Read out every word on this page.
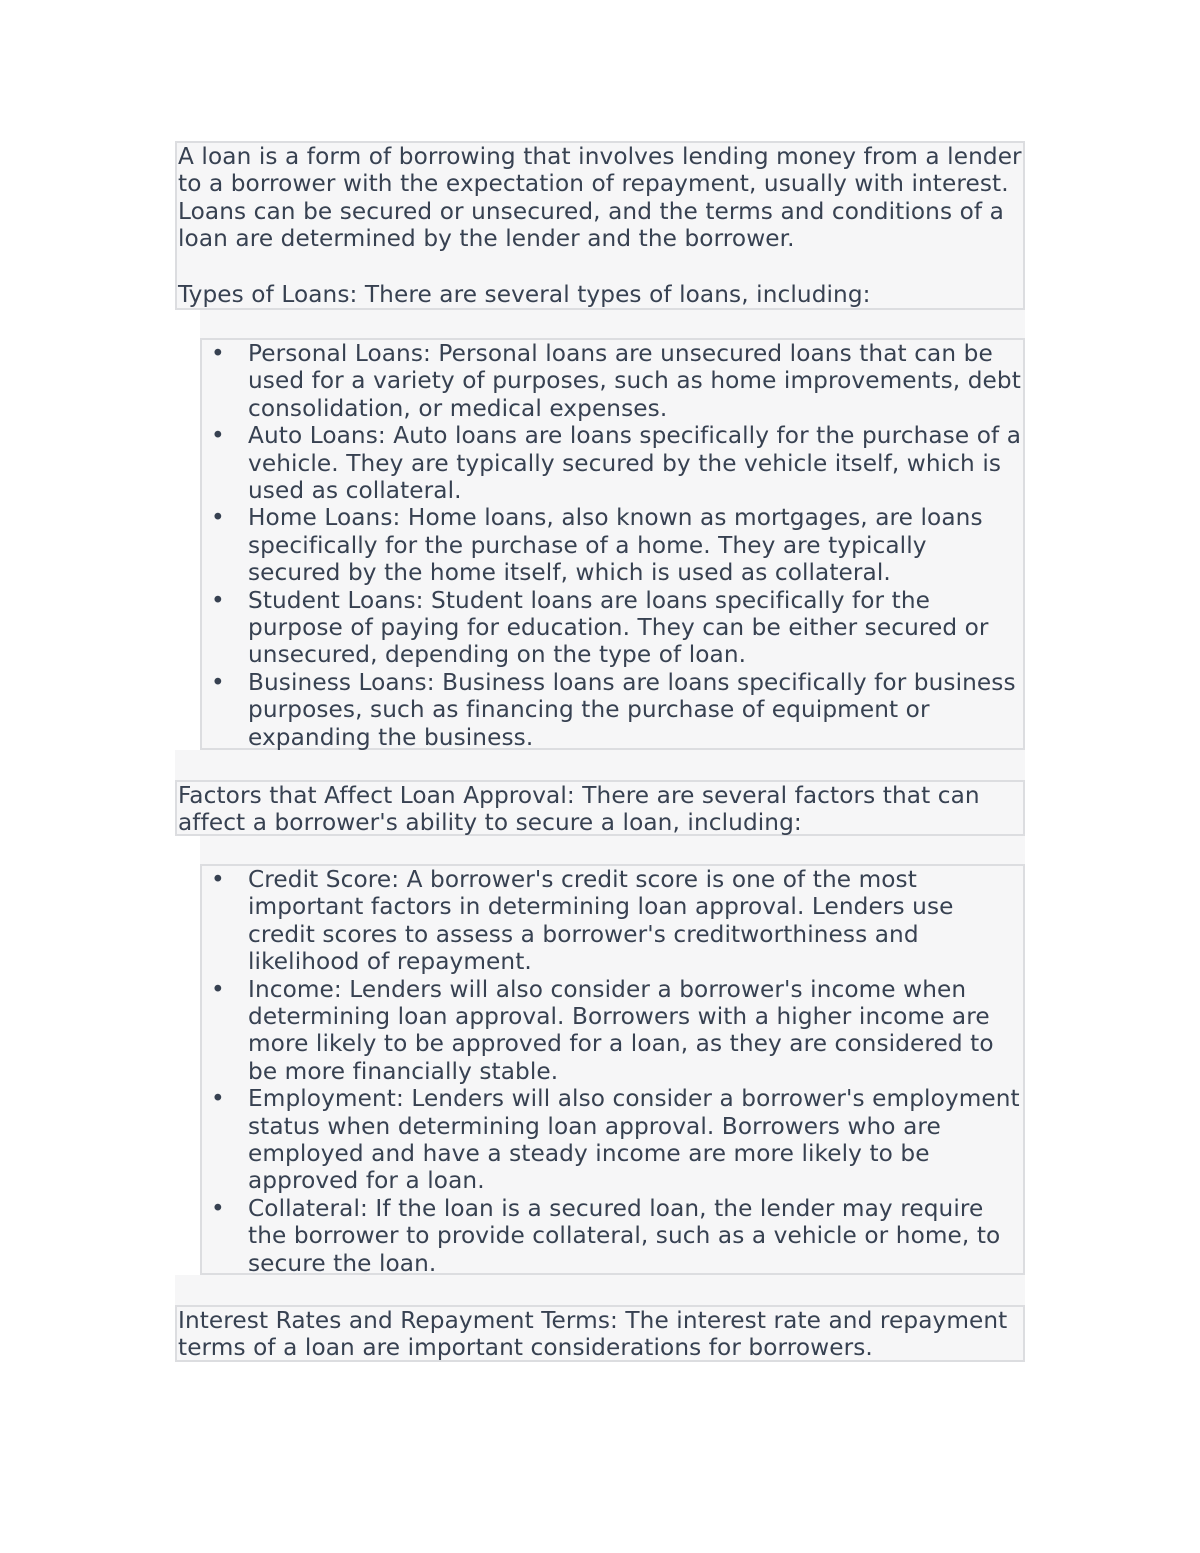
A loan is a form of borrowing that involves lending money from a lender to a borrower with the expectation of repayment, usually with interest. Loans can be secured or unsecured, and the terms and conditions of a loan are determined by the lender and the borrower.

Types of Loans: There are several types of loans, including:

• Personal Loans: Personal loans are unsecured loans that can be used for a variety of purposes, such as home improvements, debt consolidation, or medical expenses.
• Auto Loans: Auto loans are loans specifically for the purchase of a vehicle. They are typically secured by the vehicle itself, which is used as collateral.
• Home Loans: Home loans, also known as mortgages, are loans specifically for the purchase of a home. They are typically secured by the home itself, which is used as collateral.
• Student Loans: Student loans are loans specifically for the purpose of paying for education. They can be either secured or unsecured, depending on the type of loan.
• Business Loans: Business loans are loans specifically for business purposes, such as financing the purchase of equipment or expanding the business.

Factors that Affect Loan Approval: There are several factors that can affect a borrower's ability to secure a loan, including:

• Credit Score: A borrower's credit score is one of the most important factors in determining loan approval. Lenders use credit scores to assess a borrower's creditworthiness and likelihood of repayment.
• Income: Lenders will also consider a borrower's income when determining loan approval. Borrowers with a higher income are more likely to be approved for a loan, as they are considered to be more financially stable.
• Employment: Lenders will also consider a borrower's employment status when determining loan approval. Borrowers who are employed and have a steady income are more likely to be approved for a loan.
• Collateral: If the loan is a secured loan, the lender may require the borrower to provide collateral, such as a vehicle or home, to secure the loan.

Interest Rates and Repayment Terms: The interest rate and repayment terms of a loan are important considerations for borrowers.
